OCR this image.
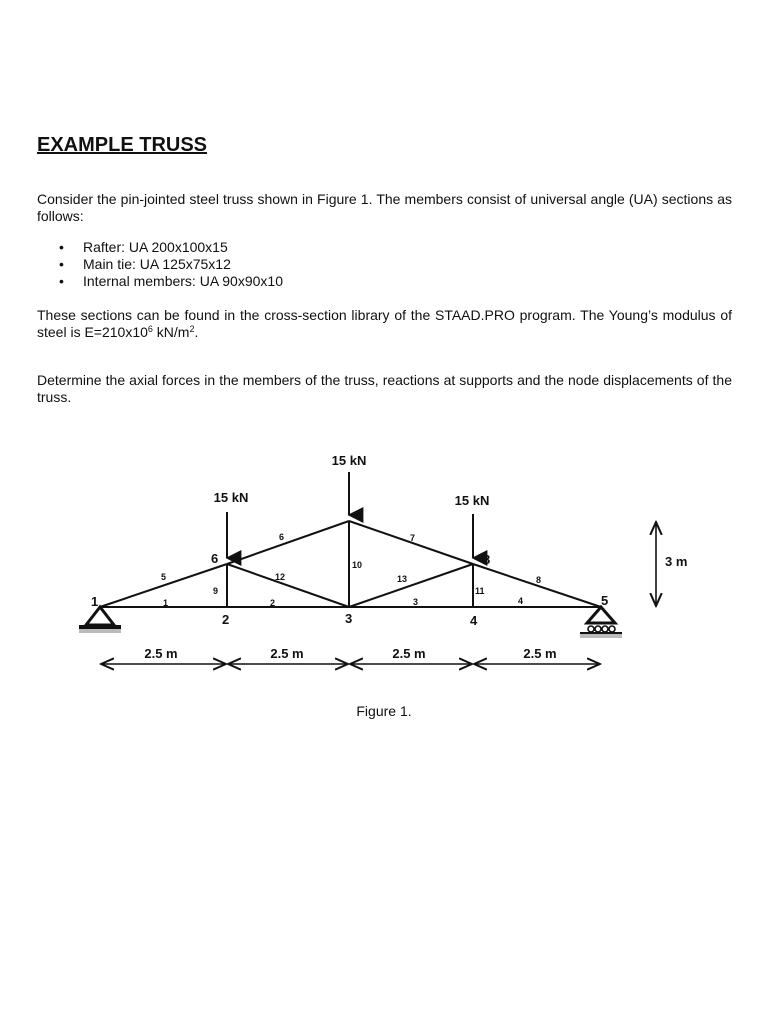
EXAMPLE TRUSS

Consider the pin-jointed steel truss shown in Figure 1. The members consist of universal angle (UA) sections as follows:

• Rafter: UA 200x100x15
• Main tie: UA 125x75x12
• Internal members: UA 90x90x10

These sections can be found in the cross-section library of the STAAD.PRO program. The Young’s modulus of steel is $E=210x10^6$ $kN/m^2$.

Determine the axial forces in the members of the truss, reactions at supports and the node displacements of the truss.

15 kN
15 kN
15 kN
3 m
2.5 m	2.5 m	2.5 m	2.5 m
1
2	3	4
5
6
7
8
1	2	3	4
5
6	7
8
9
10
11
12	13
Figure 1.
